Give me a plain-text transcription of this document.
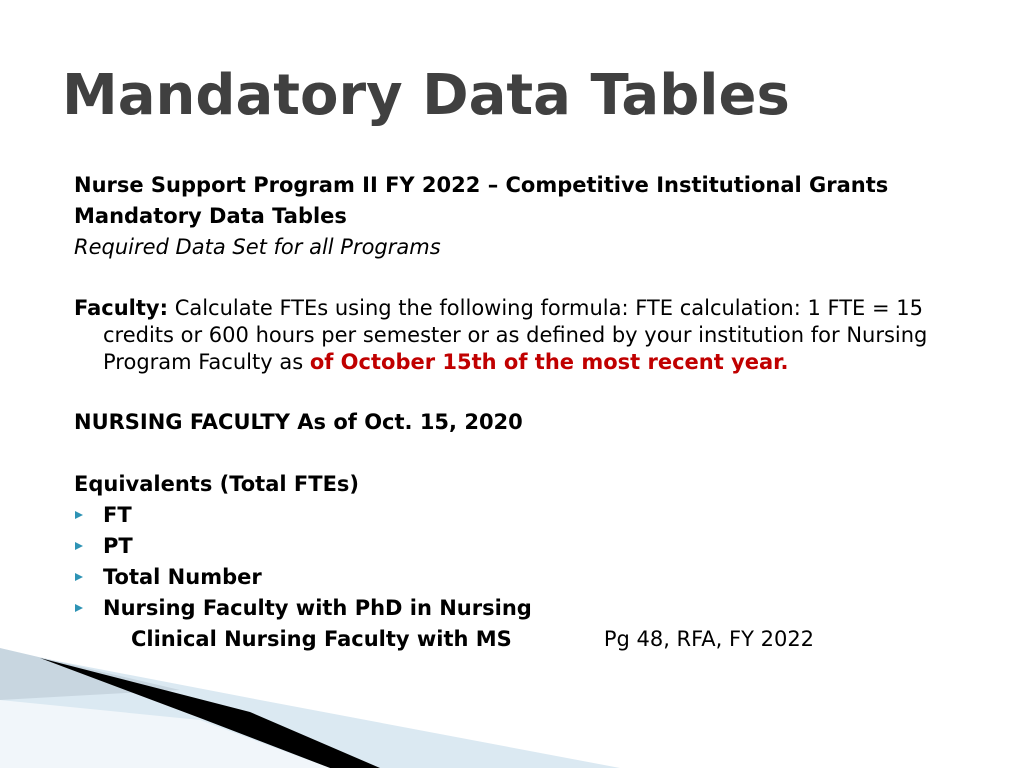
Mandatory Data Tables
Nurse Support Program II FY 2022 – Competitive Institutional Grants
Mandatory Data Tables
Required Data Set for all Programs
Faculty: Calculate FTEs using the following formula: FTE calculation: 1 FTE = 15 credits or 600 hours per semester or as defined by your institution for Nursing Program Faculty as of October 15th of the most recent year.
NURSING FACULTY As of Oct. 15, 2020
Equivalents (Total FTEs)
FT
PT
Total Number
Nursing Faculty with PhD in Nursing
Clinical Nursing Faculty with MS	Pg 48, RFA, FY 2022
